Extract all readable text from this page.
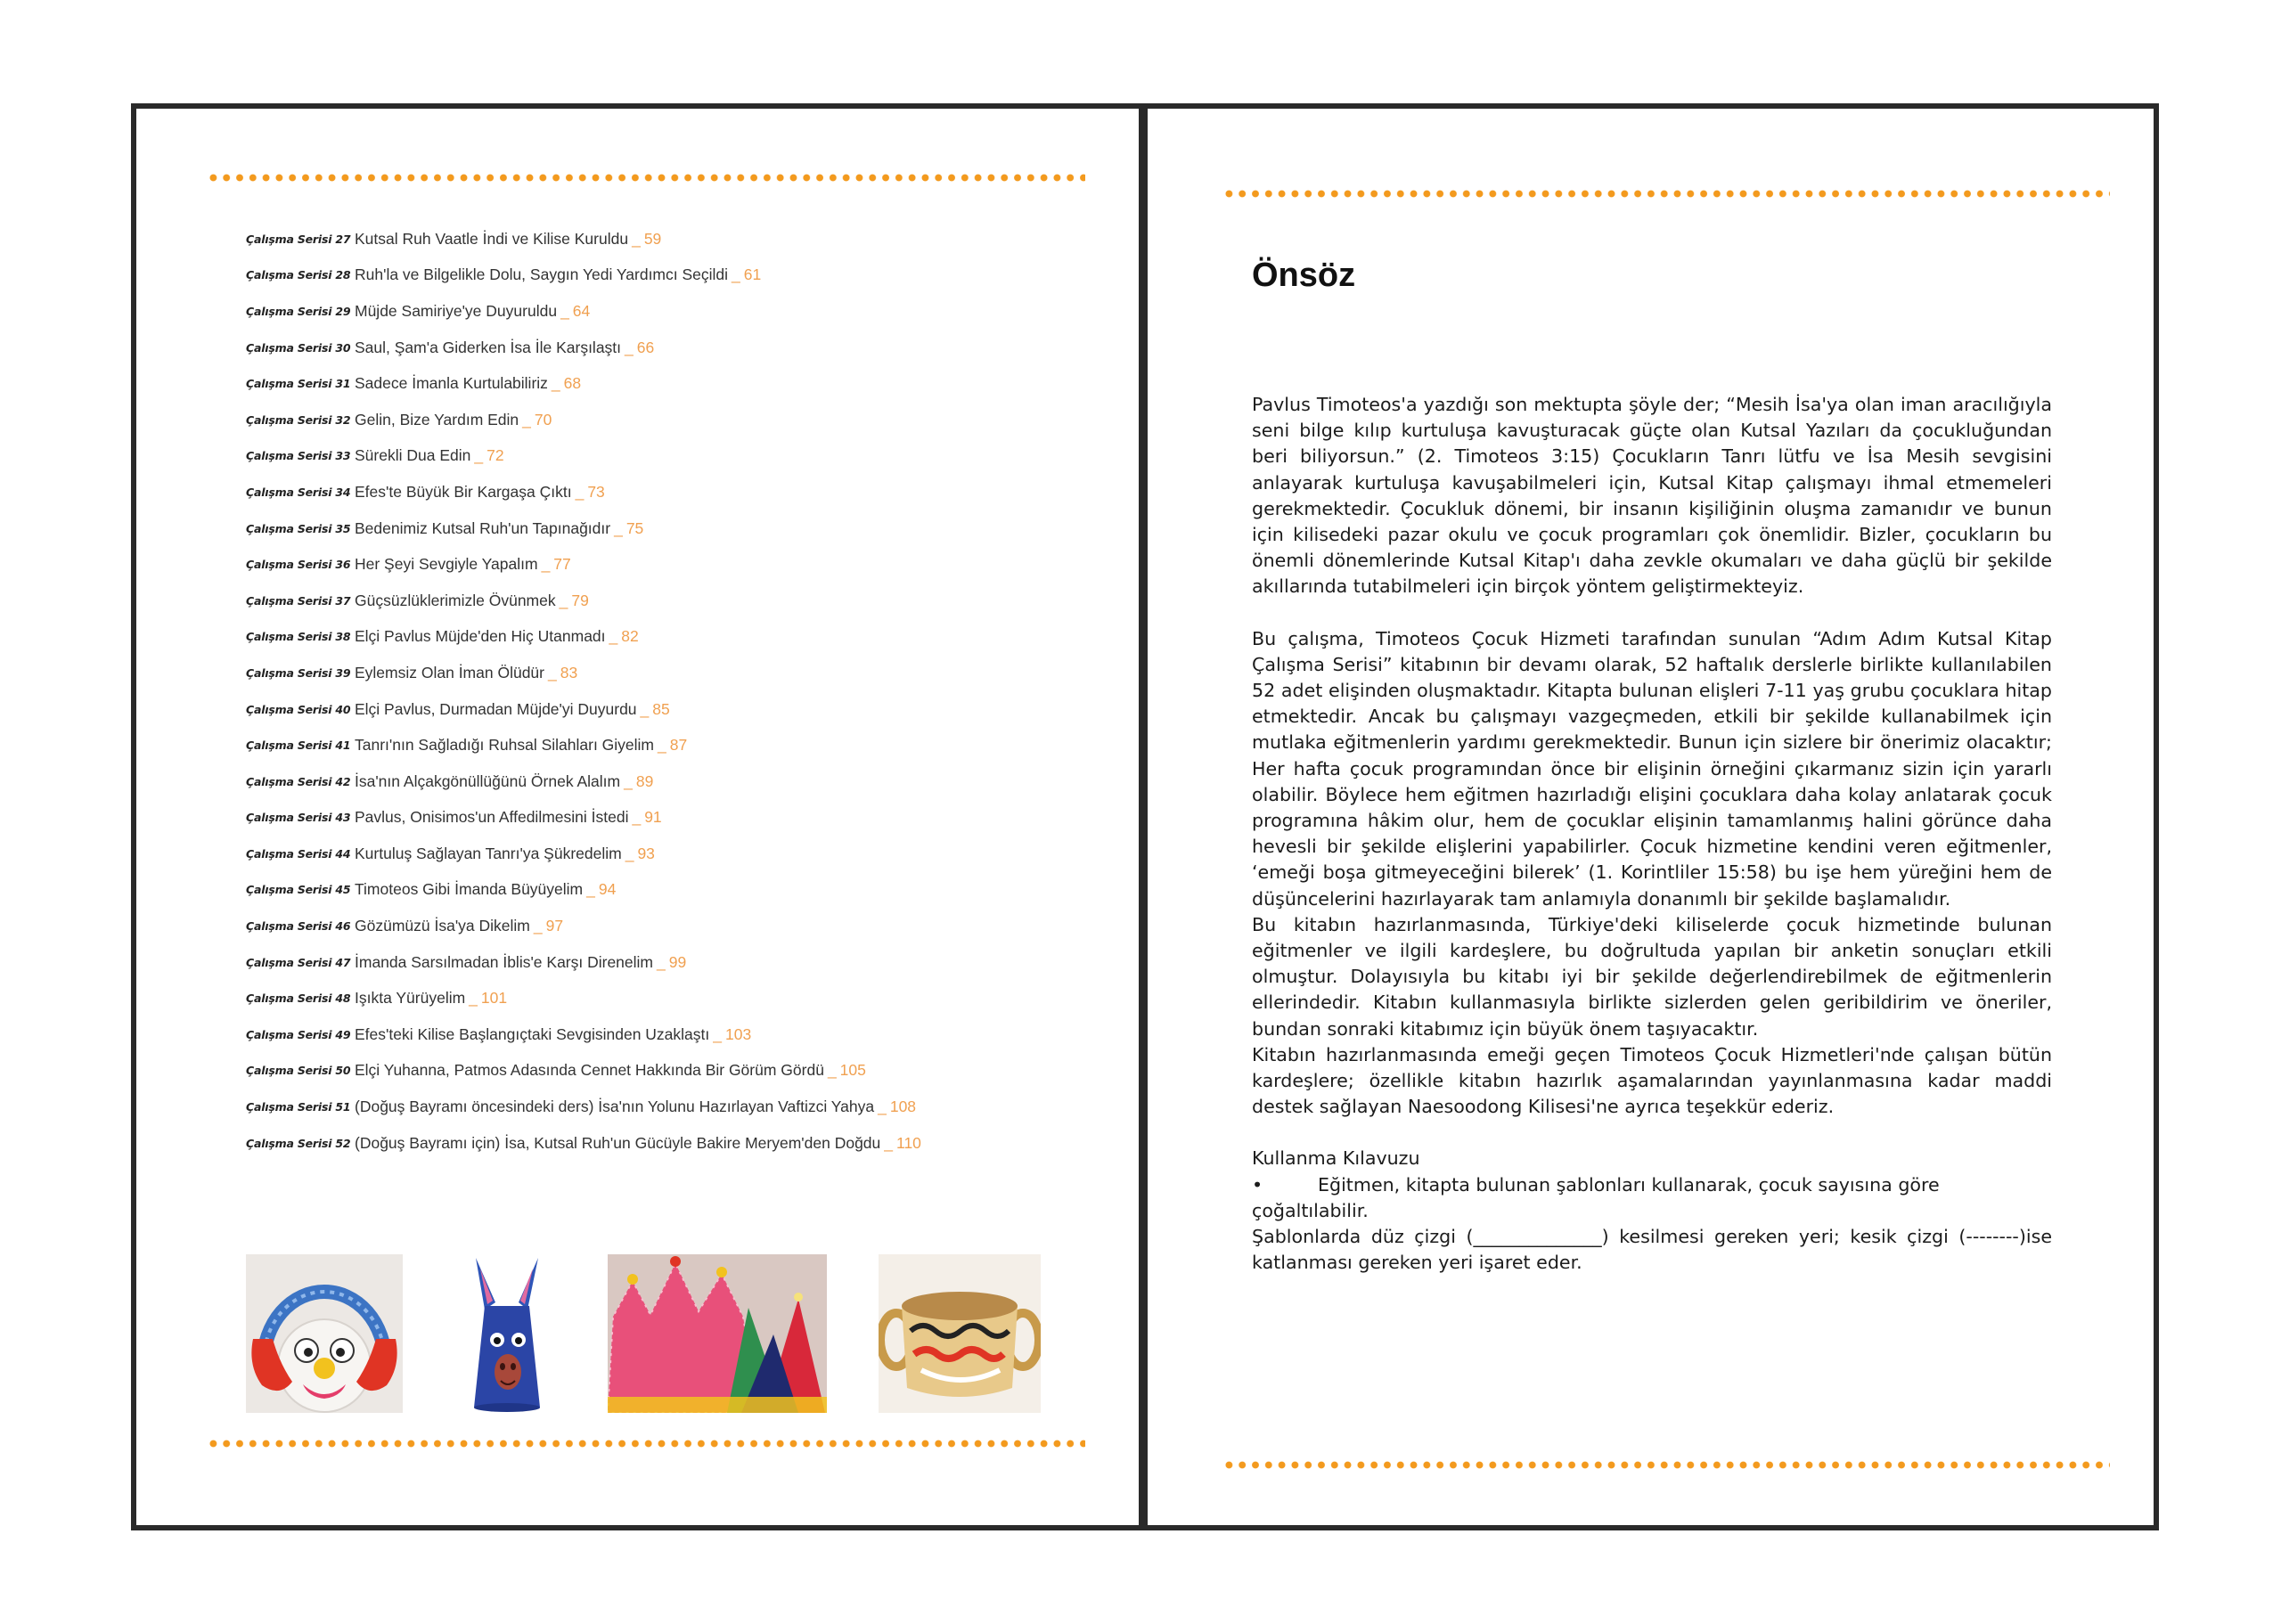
Çalışma Serisi 27 Kutsal Ruh Vaatle İndi ve Kilise Kuruldu _ 59
Çalışma Serisi 28 Ruh'la ve Bilgelikle Dolu, Saygın Yedi Yardımcı Seçildi _ 61
Çalışma Serisi 29 Müjde Samiriye'ye Duyuruldu _ 64
Çalışma Serisi 30 Saul, Şam'a Giderken İsa İle Karşılaştı _ 66
Çalışma Serisi 31 Sadece İmanla Kurtulabiliriz _ 68
Çalışma Serisi 32 Gelin, Bize Yardım Edin _ 70
Çalışma Serisi 33 Sürekli Dua Edin _ 72
Çalışma Serisi 34 Efes'te Büyük Bir Kargaşa Çıktı _ 73
Çalışma Serisi 35 Bedenimiz Kutsal Ruh'un Tapınağıdır _ 75
Çalışma Serisi 36 Her Şeyi Sevgiyle Yapalım _ 77
Çalışma Serisi 37 Güçsüzlüklerimizle Övünmek _ 79
Çalışma Serisi 38 Elçi Pavlus Müjde'den Hiç Utanmadı _ 82
Çalışma Serisi 39 Eylemsiz Olan İman Ölüdür _ 83
Çalışma Serisi 40 Elçi Pavlus, Durmadan Müjde'yi Duyurdu _ 85
Çalışma Serisi 41 Tanrı'nın Sağladığı Ruhsal Silahları Giyelim _ 87
Çalışma Serisi 42 İsa'nın Alçakgönüllüğünü Örnek Alalım _ 89
Çalışma Serisi 43 Pavlus, Onisimos'un Affedilmesini İstedi _ 91
Çalışma Serisi 44 Kurtuluş Sağlayan Tanrı'ya Şükredelim _ 93
Çalışma Serisi 45 Timoteos Gibi İmanda Büyüyelim _ 94
Çalışma Serisi 46 Gözümüzü İsa'ya Dikelim _ 97
Çalışma Serisi 47 İmanda Sarsılmadan İblis'e Karşı Direnelim _ 99
Çalışma Serisi 48 Işıkta Yürüyelim _ 101
Çalışma Serisi 49 Efes'teki Kilise Başlangıçtaki Sevgisinden Uzaklaştı _ 103
Çalışma Serisi 50 Elçi Yuhanna, Patmos Adasında Cennet Hakkında Bir Görüm Gördü _ 105
Çalışma Serisi 51 (Doğuş Bayramı öncesindeki ders) İsa'nın Yolunu Hazırlayan Vaftizci Yahya _ 108
Çalışma Serisi 52 (Doğuş Bayramı için) İsa, Kutsal Ruh'un Gücüyle Bakire Meryem'den Doğdu _ 110
Önsöz

Pavlus Timoteos'a yazdığı son mektupta şöyle der; “Mesih İsa'ya olan iman aracılığıyla seni bilge kılıp kurtuluşa kavuşturacak güçte olan Kutsal Yazıları da çocukluğundan beri biliyorsun.” (2. Timoteos 3:15) Çocukların Tanrı lütfu ve İsa Mesih sevgisini anlayarak kurtuluşa kavuşabilmeleri için, Kutsal Kitap çalışmayı ihmal etmemeleri gerekmektedir. Çocukluk dönemi, bir insanın kişiliğinin oluşma zamanıdır ve bunun için kilisedeki pazar okulu ve çocuk programları çok önemlidir. Bizler, çocukların bu önemli dönemlerinde Kutsal Kitap'ı daha zevkle okumaları ve daha güçlü bir şekilde akıllarında tutabilmeleri için birçok yöntem geliştirmekteyiz.

Bu çalışma, Timoteos Çocuk Hizmeti tarafından sunulan “Adım Adım Kutsal Kitap Çalışma Serisi” kitabının bir devamı olarak, 52 haftalık derslerle birlikte kullanılabilen 52 adet elişinden oluşmaktadır. Kitapta bulunan elişleri 7-11 yaş grubu çocuklara hitap etmektedir. Ancak bu çalışmayı vazgeçmeden, etkili bir şekilde kullanabilmek için mutlaka eğitmenlerin yardımı gerekmektedir. Bunun için sizlere bir önerimiz olacaktır; Her hafta çocuk programından önce bir elişinin örneğini çıkarmanız sizin için yararlı olabilir. Böylece hem eğitmen hazırladığı elişini çocuklara daha kolay anlatarak çocuk programına hâkim olur, hem de çocuklar elişinin tamamlanmış halini görünce daha hevesli bir şekilde elişlerini yapabilirler. Çocuk hizmetine kendini veren eğitmenler, ‘emeği boşa gitmeyeceğini bilerek’ (1. Korintliler 15:58) bu işe hem yüreğini hem de düşüncelerini hazırlayarak tam anlamıyla donanımlı bir şekilde başlamalıdır.

Bu kitabın hazırlanmasında, Türkiye'deki kiliselerde çocuk hizmetinde bulunan eğitmenler ve ilgili kardeşlere, bu doğrultuda yapılan bir anketin sonuçları etkili olmuştur. Dolayısıyla bu kitabı iyi bir şekilde değerlendirebilmek de eğitmenlerin ellerindedir. Kitabın kullanmasıyla birlikte sizlerden gelen geribildirim ve öneriler, bundan sonraki kitabımız için büyük önem taşıyacaktır.

Kitabın hazırlanmasında emeği geçen Timoteos Çocuk Hizmetleri'nde çalışan bütün kardeşlere; özellikle kitabın hazırlık aşamalarından yayınlanmasına kadar maddi destek sağlayan Naesoodong Kilisesi'ne ayrıca teşekkür ederiz.

Kullanma Kılavuzu

•	Eğitmen, kitapta bulunan şablonları kullanarak, çocuk sayısına göre çoğaltılabilir.

Şablonlarda düz çizgi (______________) kesilmesi gereken yeri; kesik çizgi (--------)ise katlanması gereken yeri işaret eder.
